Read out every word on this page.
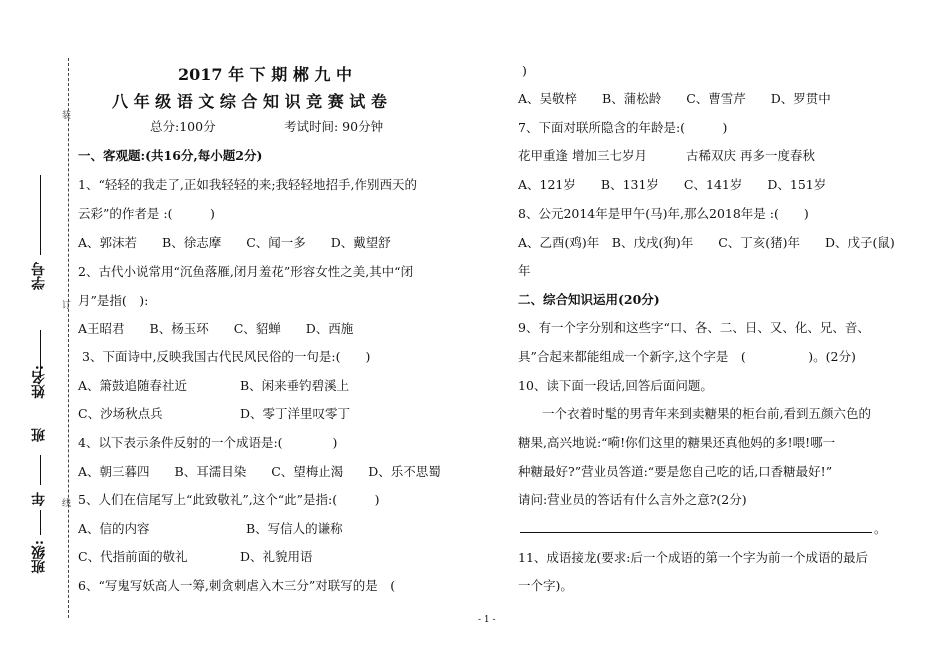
装
订
线
学号
姓名:
班
年
班级:
2017 年 下 期 郴 九 中
八 年 级 语 文 综 合 知 识 竞 赛 试 卷
总分:100分	考试时间: 90分钟
一、客观题:(共16分,每小题2分)
1、“轻轻的我走了,正如我轻轻的来;我轻轻地招手,作别西天的
云彩”的作者是 :(　　　)
A、郭沫若　　B、徐志摩　　C、闻一多　　D、戴望舒
2、古代小说常用“沉鱼落雁,闭月羞花”形容女性之美,其中“闭
月”是指(　):
A王昭君　　B、杨玉环　　C、貂蝉　　D、西施
3、下面诗中,反映我国古代民风民俗的一句是:(　　)
A、箫鼓追随春社近	B、闲来垂钓碧溪上
C、沙场秋点兵	D、零丁洋里叹零丁
4、以下表示条件反射的一个成语是:(　　　　)
A、朝三暮四　　B、耳濡目染　　C、望梅止渴　　D、乐不思蜀
5、人们在信尾写上“此致敬礼”,这个“此”是指:(　　　)
A、信的内容	B、写信人的谦称
C、代指前面的敬礼	D、礼貌用语
6、“写鬼写妖高人一筹,刺贪刺虐入木三分”对联写的是　(　
)
A、吴敬梓　　B、蒲松龄　　C、曹雪芹　　D、罗贯中
7、下面对联所隐含的年龄是:(　　　)
花甲重逢 增加三七岁月	古稀双庆 再多一度春秋
A、121岁　　B、131岁　　C、141岁　　D、151岁
8、公元2014年是甲午(马)年,那么2018年是 :(　　)
A、乙酉(鸡)年　B、戊戌(狗)年　　C、丁亥(猪)年　　D、戊子(鼠)
年
二、综合知识运用(20分)
9、有一个字分别和这些字“口、各、二、日、又、化、兄、音、
具”合起来都能组成一个新字,这个字是　(　　　　　)。(2分)
10、读下面一段话,回答后面问题。
一个衣着时髦的男青年来到卖糖果的柜台前,看到五颜六色的
糖果,高兴地说:“嗬!你们这里的糖果还真他妈的多!喂!哪一
种糖最好?”营业员答道:“要是您自己吃的话,口香糖最好!”
请问:营业员的答话有什么言外之意?(2分)
。
11、成语接龙(要求:后一个成语的第一个字为前一个成语的最后
一个字)。
- 1 -
